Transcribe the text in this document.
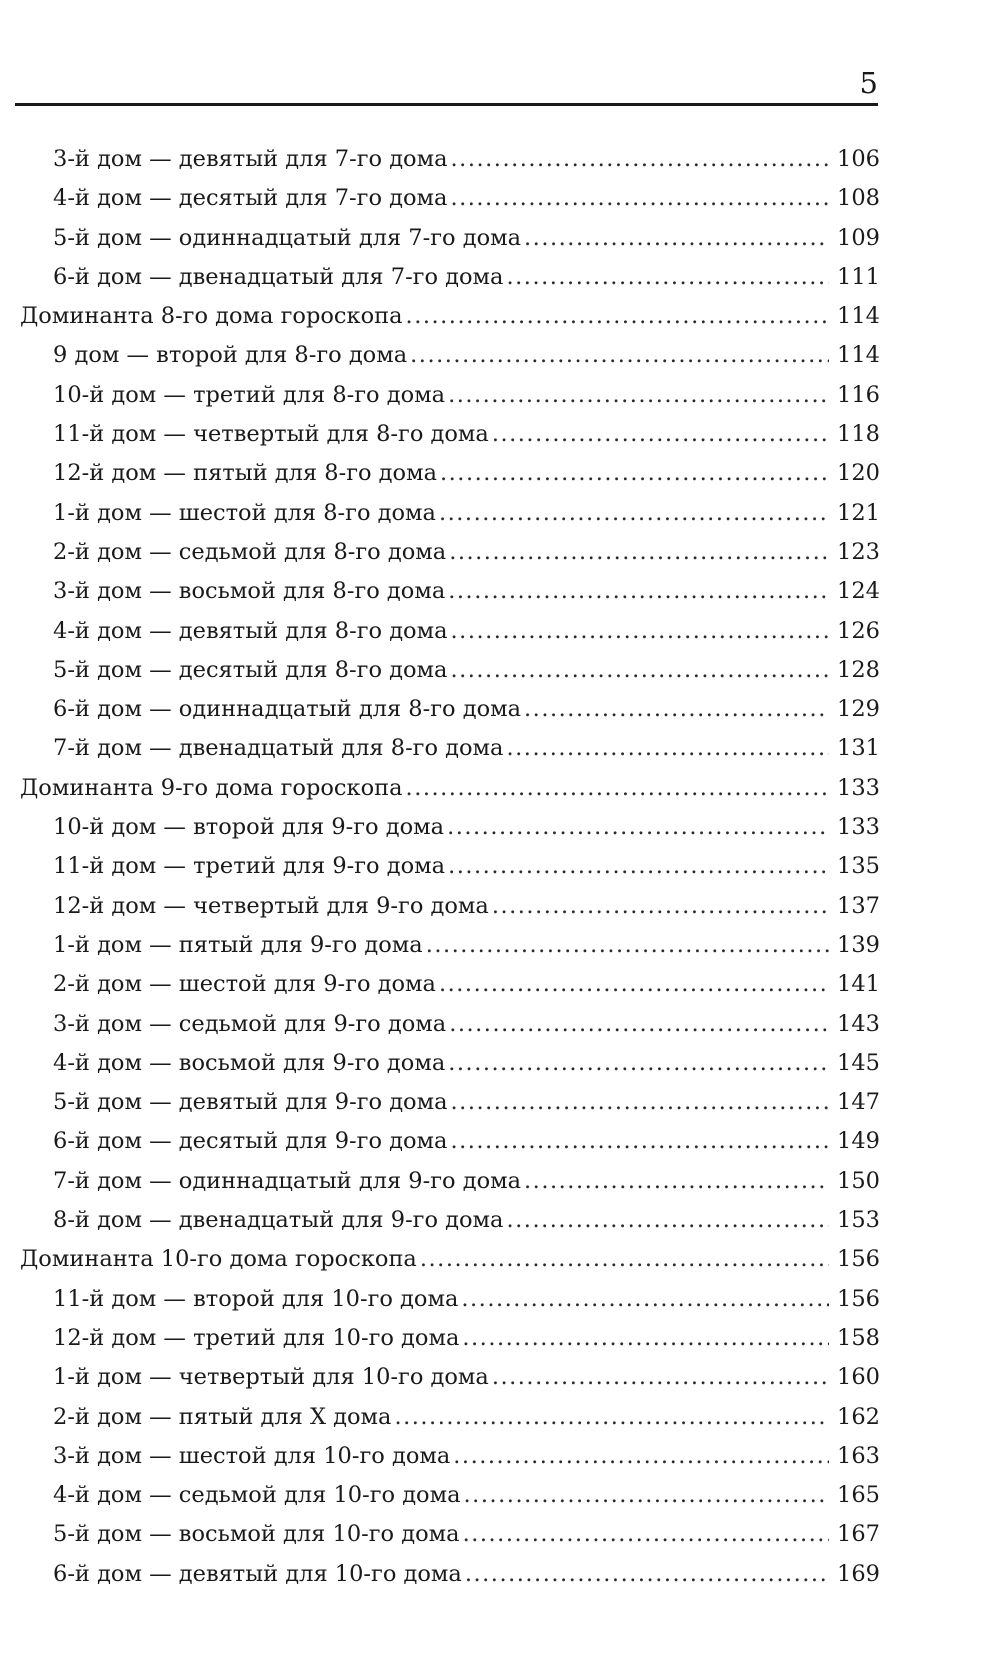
5
3-й дом — девятый для 7-го дома .....	106
4-й дом — десятый для 7-го дома .....	108
5-й дом — одиннадцатый для 7-го дома .....	109
6-й дом — двенадцатый для 7-го дома .....	111
Доминанта 8-го дома гороскопа .....	114
9 дом — второй для 8-го дома .....	114
10-й дом — третий для 8-го дома .....	116
11-й дом — четвертый для 8-го дома .....	118
12-й дом — пятый для 8-го дома .....	120
1-й дом — шестой для 8-го дома .....	121
2-й дом — седьмой для 8-го дома .....	123
3-й дом — восьмой для 8-го дома .....	124
4-й дом — девятый для 8-го дома .....	126
5-й дом — десятый для 8-го дома .....	128
6-й дом — одиннадцатый для 8-го дома .....	129
7-й дом — двенадцатый для 8-го дома .....	131
Доминанта 9-го дома гороскопа .....	133
10-й дом — второй для 9-го дома .....	133
11-й дом — третий для 9-го дома .....	135
12-й дом — четвертый для 9-го дома .....	137
1-й дом — пятый для 9-го дома .....	139
2-й дом — шестой для 9-го дома .....	141
3-й дом — седьмой для 9-го дома .....	143
4-й дом — восьмой для 9-го дома .....	145
5-й дом — девятый для 9-го дома .....	147
6-й дом — десятый для 9-го дома .....	149
7-й дом — одиннадцатый для 9-го дома .....	150
8-й дом — двенадцатый для 9-го дома .....	153
Доминанта 10-го дома гороскопа .....	156
11-й дом — второй для 10-го дома .....	156
12-й дом — третий для 10-го дома .....	158
1-й дом — четвертый для 10-го дома .....	160
2-й дом — пятый для X дома .....	162
3-й дом — шестой для 10-го дома .....	163
4-й дом — седьмой для 10-го дома .....	165
5-й дом — восьмой для 10-го дома .....	167
6-й дом — девятый для 10-го дома .....	169
